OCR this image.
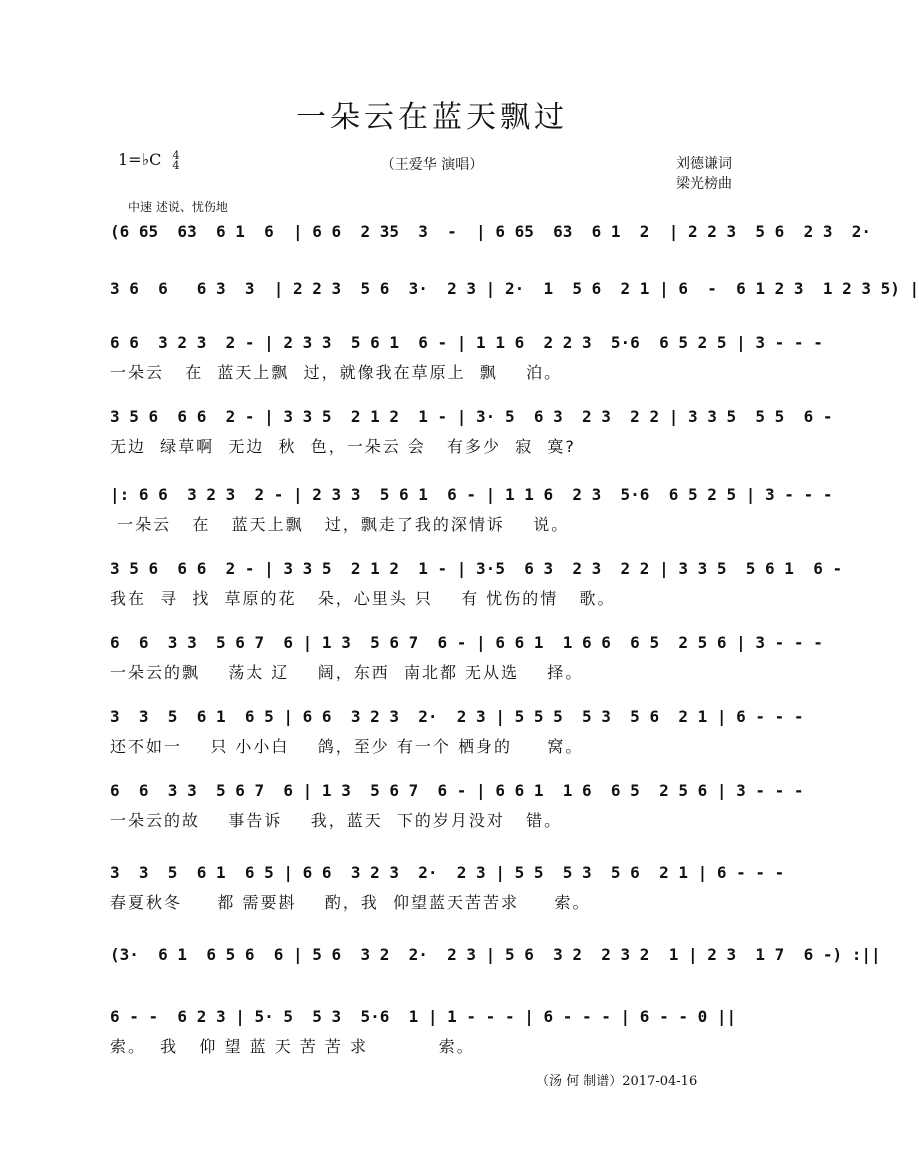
一朵云在蓝天飘过
1=♭C 4
4	（王爱华 演唱）	刘德谦词
梁光榜曲
中速 述说、忧伤地
(6 65  63  6 1  6  | 6 6  2 35  3  -  | 6 65  63  6 1  2  | 2 2 3  5 6  2 3  2·
3 6  6   6 3  3  | 2 2 3  5 6  3·  2 3 | 2·  1  5 6  2 1 | 6  -  6 1 2 3  1 2 3 5) |
6 6  3 2 3  2 - | 2 3 3  5 6 1  6 - | 1 1 6  2 2 3  5·6  6 5 2 5 | 3 - - -
一朵云   在  蓝天上飘  过，就像我在草原上  飘    泊。
3 5 6  6 6  2 - | 3 3 5  2 1 2  1 - | 3· 5  6 3  2 3  2 2 | 3 3 5  5 5  6 -
无边  绿草啊  无边  秋  色，一朵云 会   有多少  寂  寞?
|: 6 6  3 2 3  2 - | 2 3 3  5 6 1  6 - | 1 1 6  2 3  5·6  6 5 2 5 | 3 - - -
一朵云   在   蓝天上飘   过，飘走了我的深情诉    说。
3 5 6  6 6  2 - | 3 3 5  2 1 2  1 - | 3·5  6 3  2 3  2 2 | 3 3 5  5 6 1  6 -
我在  寻  找  草原的花   朵，心里头 只    有 忧伤的情   歌。
6  6  3 3  5 6 7  6 | 1 3  5 6 7  6 - | 6 6 1  1 6 6  6 5  2 5 6 | 3 - - -
一朵云的飘    荡太 辽    阔，东西  南北都 无从选    择。
3  3  5  6 1  6 5 | 6 6  3 2 3  2·  2 3 | 5 5 5  5 3  5 6  2 1 | 6 - - -
还不如一    只 小小白    鸽，至少 有一个 栖身的     窝。
6  6  3 3  5 6 7  6 | 1 3  5 6 7  6 - | 6 6 1  1 6  6 5  2 5 6 | 3 - - -
一朵云的故    事告诉    我，蓝天  下的岁月没对   错。
3  3  5  6 1  6 5 | 6 6  3 2 3  2·  2 3 | 5 5  5 3  5 6  2 1 | 6 - - -
春夏秋冬     都 需要斟    酌，我  仰望蓝天苦苦求     索。
(3·  6 1  6 5 6  6 | 5 6  3 2  2·  2 3 | 5 6  3 2  2 3 2  1 | 2 3  1 7  6 -) :||
6 - -  6 2 3 | 5· 5  5 3  5·6  1 | 1 - - - | 6 - - - | 6 - - 0 ||
索。  我   仰 望 蓝 天 苦 苦 求          索。
（汤 何 制谱）2017-04-16
